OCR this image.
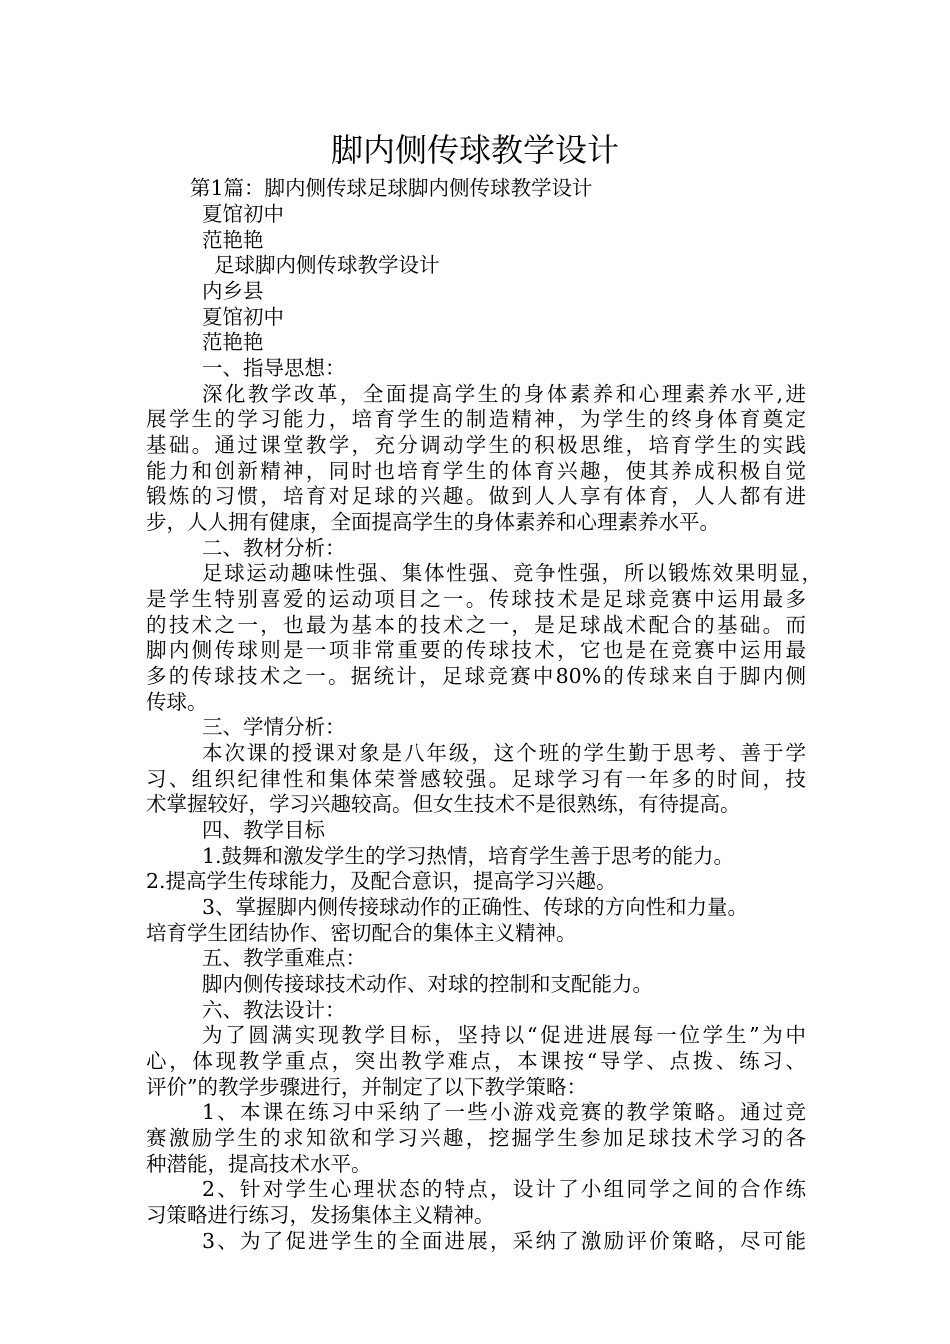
脚内侧传球教学设计
第1篇：脚内侧传球足球脚内侧传球教学设计
夏馆初中
范艳艳
足球脚内侧传球教学设计
内乡县
夏馆初中
范艳艳
一、指导思想：
深化教学改革，全面提高学生的身体素养和心理素养水平,进
展学生的学习能力，培育学生的制造精神，为学生的终身体育奠定
基础。通过课堂教学，充分调动学生的积极思维，培育学生的实践
能力和创新精神，同时也培育学生的体育兴趣，使其养成积极自觉
锻炼的习惯，培育对足球的兴趣。做到人人享有体育，人人都有进
步，人人拥有健康，全面提高学生的身体素养和心理素养水平。
二、教材分析：
足球运动趣味性强、集体性强、竞争性强，所以锻炼效果明显，
是学生特别喜爱的运动项目之一。传球技术是足球竞赛中运用最多
的技术之一，也最为基本的技术之一，是足球战术配合的基础。而
脚内侧传球则是一项非常重要的传球技术，它也是在竞赛中运用最
多的传球技术之一。据统计，足球竞赛中80%的传球来自于脚内侧
传球。
三、学情分析：
本次课的授课对象是八年级，这个班的学生勤于思考、善于学
习、组织纪律性和集体荣誉感较强。足球学习有一年多的时间，技
术掌握较好，学习兴趣较高。但女生技术不是很熟练，有待提高。
四、教学目标
1.鼓舞和激发学生的学习热情，培育学生善于思考的能力。
2.提高学生传球能力，及配合意识，提高学习兴趣。
3、掌握脚内侧传接球动作的正确性、传球的方向性和力量。
培育学生团结协作、密切配合的集体主义精神。
五、教学重难点：
脚内侧传接球技术动作、对球的控制和支配能力。
六、教法设计：
为了圆满实现教学目标，坚持以“促进进展每一位学生”为中
心，体现教学重点，突出教学难点，本课按“导学、点拨、练习、
评价”的教学步骤进行，并制定了以下教学策略：
1、本课在练习中采纳了一些小游戏竞赛的教学策略。通过竞
赛激励学生的求知欲和学习兴趣，挖掘学生参加足球技术学习的各
种潜能，提高技术水平。
2、针对学生心理状态的特点，设计了小组同学之间的合作练
习策略进行练习，发扬集体主义精神。
3、为了促进学生的全面进展，采纳了激励评价策略，尽可能
